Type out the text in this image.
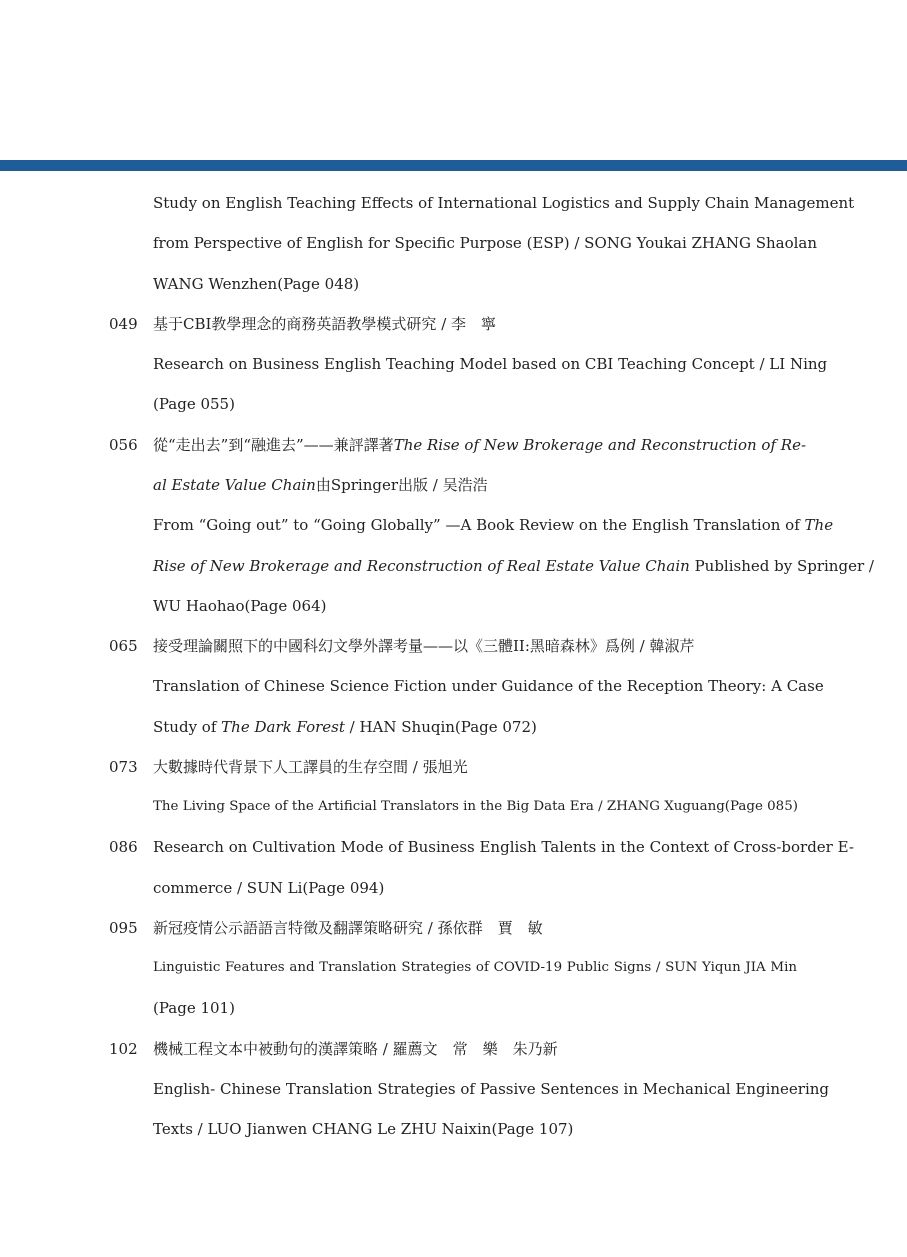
Study on English Teaching Effects of International Logistics and Supply Chain Management
from Perspective of English for Specific Purpose (ESP) / SONG Youkai ZHANG Shaolan
WANG Wenzhen(Page 048)
049	基于CBI教學理念的商務英語教學模式研究 / 李　寧
Research on Business English Teaching Model based on CBI Teaching Concept / LI Ning
(Page 055)
056	從“走出去”到“融進去”——兼評譯著The Rise of New Brokerage and Reconstruction of Re-
al Estate Value Chain由Springer出版 / 吴浩浩
From “Going out” to “Going Globally” —A Book Review on the English Translation of The
Rise of New Brokerage and Reconstruction of Real Estate Value Chain Published by Springer /
WU Haohao(Page 064)
065	接受理論關照下的中國科幻文學外譯考量——以《三體II:黑暗森林》爲例 / 韓淑芹
Translation of Chinese Science Fiction under Guidance of the Reception Theory: A Case
Study of The Dark Forest / HAN Shuqin(Page 072)
073	大數據時代背景下人工譯員的生存空間 / 張旭光
The Living Space of the Artificial Translators in the Big Data Era / ZHANG Xuguang(Page 085)
086	Research on Cultivation Mode of Business English Talents in the Context of Cross-border E-
commerce / SUN Li(Page 094)
095	新冠疫情公示語語言特徵及翻譯策略研究 / 孫依群　賈　敏
Linguistic Features and Translation Strategies of COVID-19 Public Signs / SUN Yiqun JIA Min
(Page 101)
102	機械工程文本中被動句的漢譯策略 / 羅薦文　常　樂　朱乃新
English- Chinese Translation Strategies of Passive Sentences in Mechanical Engineering
Texts / LUO Jianwen CHANG Le ZHU Naixin(Page 107)
